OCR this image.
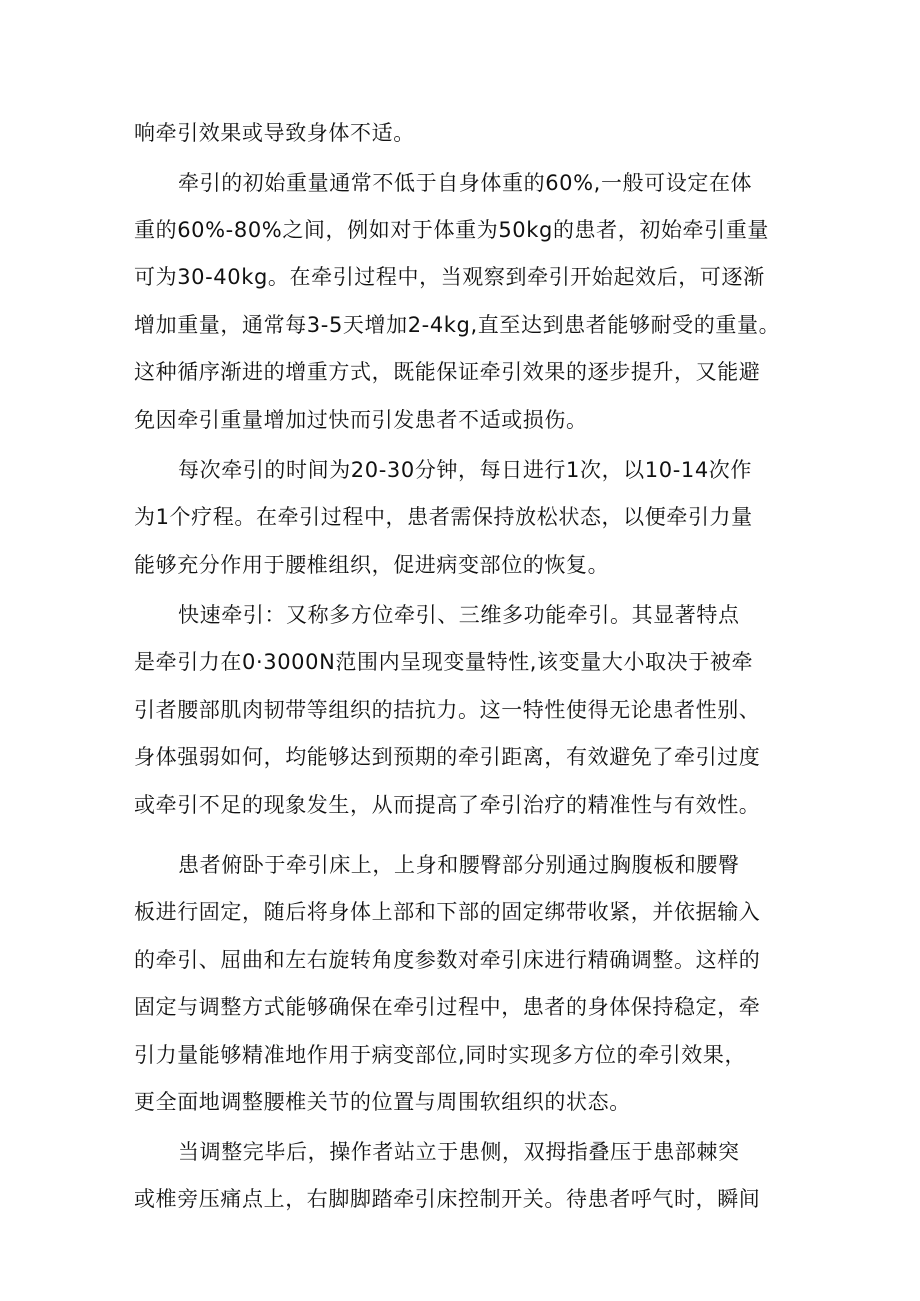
响牵引效果或导致身体不适。
牵引的初始重量通常不低于自身体重的60%,一般可设定在体
重的60%-80%之间，例如对于体重为50kg的患者，初始牵引重量
可为30-40kg。在牵引过程中，当观察到牵引开始起效后，可逐渐
增加重量，通常每3-5天增加2-4kg,直至达到患者能够耐受的重量。
这种循序渐进的增重方式，既能保证牵引效果的逐步提升，又能避
免因牵引重量增加过快而引发患者不适或损伤。
每次牵引的时间为20-30分钟，每日进行1次，以10-14次作
为1个疗程。在牵引过程中，患者需保持放松状态，以便牵引力量
能够充分作用于腰椎组织，促进病变部位的恢复。
快速牵引：又称多方位牵引、三维多功能牵引。其显著特点
是牵引力在0·3000N范围内呈现变量特性,该变量大小取决于被牵
引者腰部肌肉韧带等组织的拮抗力。这一特性使得无论患者性别、
身体强弱如何，均能够达到预期的牵引距离，有效避免了牵引过度
或牵引不足的现象发生，从而提高了牵引治疗的精准性与有效性。
患者俯卧于牵引床上，上身和腰臀部分别通过胸腹板和腰臀
板进行固定，随后将身体上部和下部的固定绑带收紧，并依据输入
的牵引、屈曲和左右旋转角度参数对牵引床进行精确调整。这样的
固定与调整方式能够确保在牵引过程中，患者的身体保持稳定，牵
引力量能够精准地作用于病变部位,同时实现多方位的牵引效果，
更全面地调整腰椎关节的位置与周围软组织的状态。
当调整完毕后，操作者站立于患侧，双拇指叠压于患部棘突
或椎旁压痛点上，右脚脚踏牵引床控制开关。待患者呼气时，瞬间
